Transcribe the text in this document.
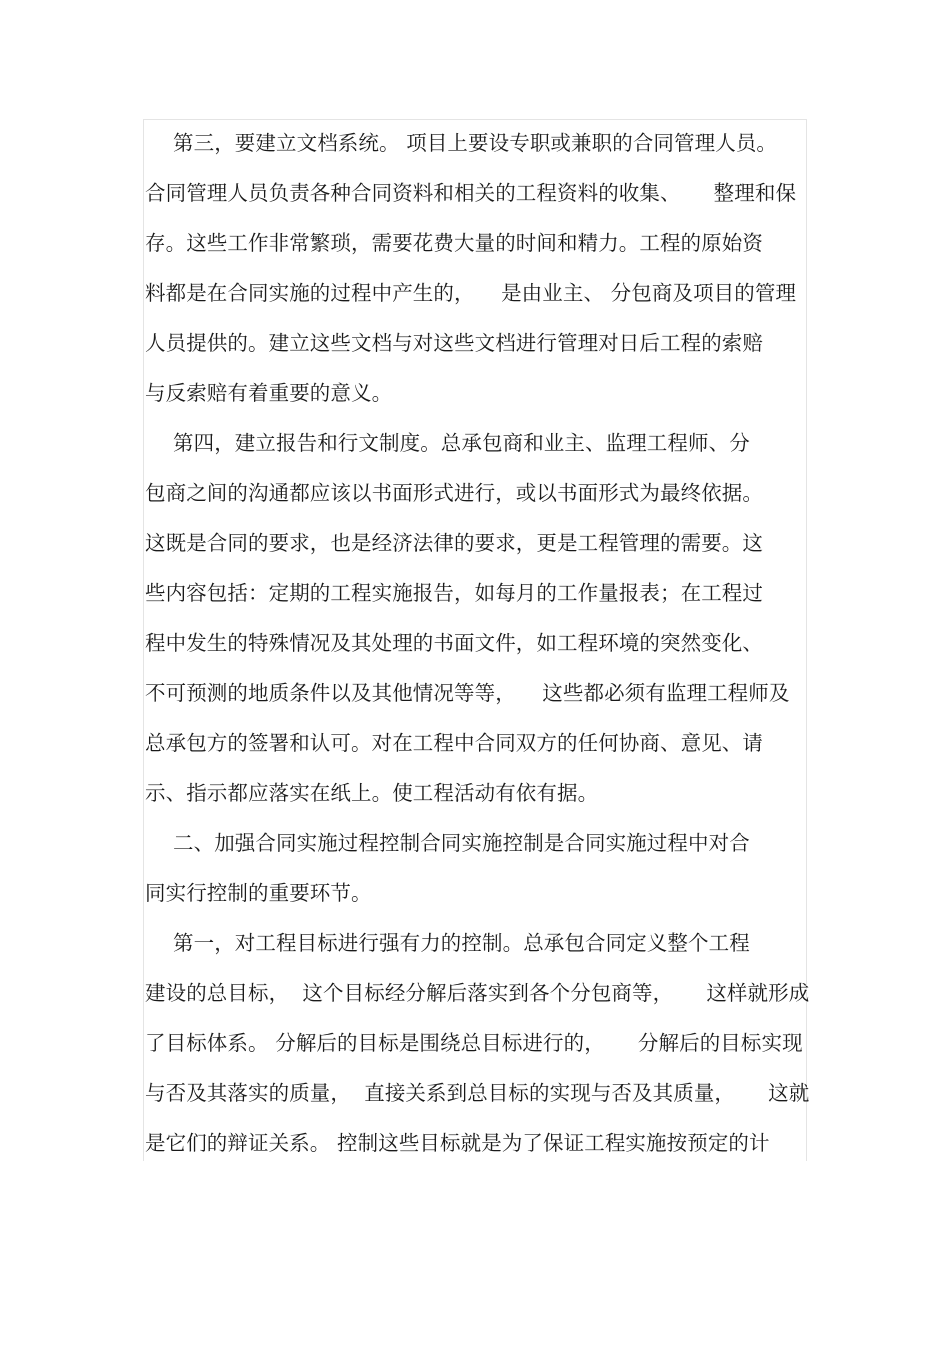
第三，要建立文档系统。 项目上要设专职或兼职的合同管理人员。
合同管理人员负责各种合同资料和相关的工程资料的收集、     整理和保
存。这些工作非常繁琐，需要花费大量的时间和精力。工程的原始资
料都是在合同实施的过程中产生的，    是由业主、 分包商及项目的管理
人员提供的。建立这些文档与对这些文档进行管理对日后工程的索赔
与反索赔有着重要的意义。
第四，建立报告和行文制度。总承包商和业主、监理工程师、分
包商之间的沟通都应该以书面形式进行，或以书面形式为最终依据。
这既是合同的要求，也是经济法律的要求，更是工程管理的需要。这
些内容包括：定期的工程实施报告，如每月的工作量报表；在工程过
程中发生的特殊情况及其处理的书面文件，如工程环境的突然变化、
不可预测的地质条件以及其他情况等等，    这些都必须有监理工程师及
总承包方的签署和认可。对在工程中合同双方的任何协商、意见、请
示、指示都应落实在纸上。使工程活动有依有据。
二、加强合同实施过程控制合同实施控制是合同实施过程中对合
同实行控制的重要环节。
第一，对工程目标进行强有力的控制。总承包合同定义整个工程
建设的总目标，  这个目标经分解后落实到各个分包商等，     这样就形成
了目标体系。 分解后的目标是围绕总目标进行的，     分解后的目标实现
与否及其落实的质量，  直接关系到总目标的实现与否及其质量，     这就
是它们的辩证关系。 控制这些目标就是为了保证工程实施按预定的计
